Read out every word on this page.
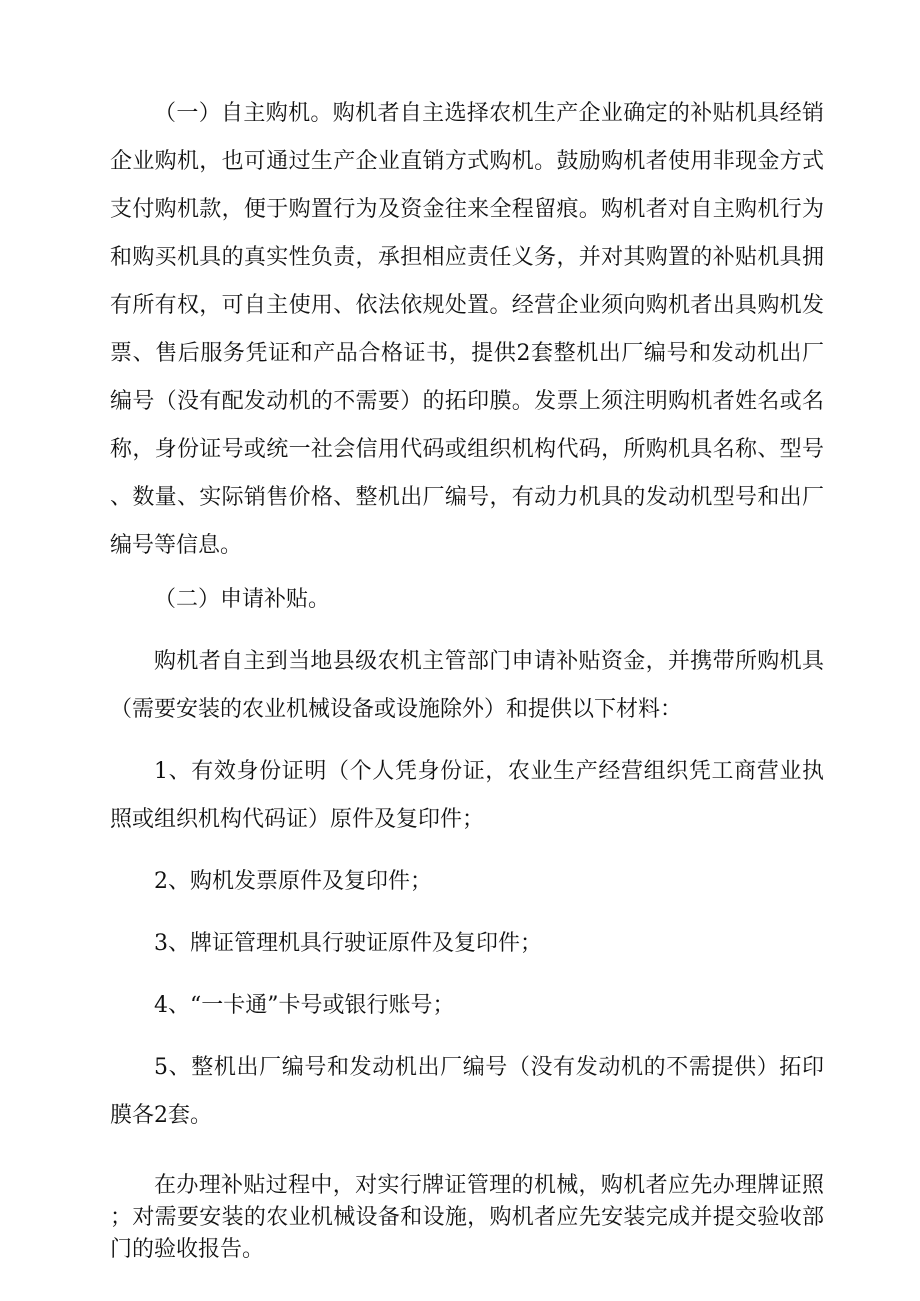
（一）自主购机。购机者自主选择农机生产企业确定的补贴机具经销企业购机，也可通过生产企业直销方式购机。鼓励购机者使用非现金方式支付购机款，便于购置行为及资金往来全程留痕。购机者对自主购机行为和购买机具的真实性负责，承担相应责任义务，并对其购置的补贴机具拥有所有权，可自主使用、依法依规处置。经营企业须向购机者出具购机发票、售后服务凭证和产品合格证书，提供2套整机出厂编号和发动机出厂编号（没有配发动机的不需要）的拓印膜。发票上须注明购机者姓名或名称，身份证号或统一社会信用代码或组织机构代码，所购机具名称、型号、数量、实际销售价格、整机出厂编号，有动力机具的发动机型号和出厂编号等信息。

（二）申请补贴。

购机者自主到当地县级农机主管部门申请补贴资金，并携带所购机具（需要安装的农业机械设备或设施除外）和提供以下材料：

1、有效身份证明（个人凭身份证，农业生产经营组织凭工商营业执照或组织机构代码证）原件及复印件；

2、购机发票原件及复印件；

3、牌证管理机具行驶证原件及复印件；

4、“一卡通”卡号或银行账号；

5、整机出厂编号和发动机出厂编号（没有发动机的不需提供）拓印膜各2套。

在办理补贴过程中，对实行牌证管理的机械，购机者应先办理牌证照；对需要安装的农业机械设备和设施，购机者应先安装完成并提交验收部门的验收报告。
